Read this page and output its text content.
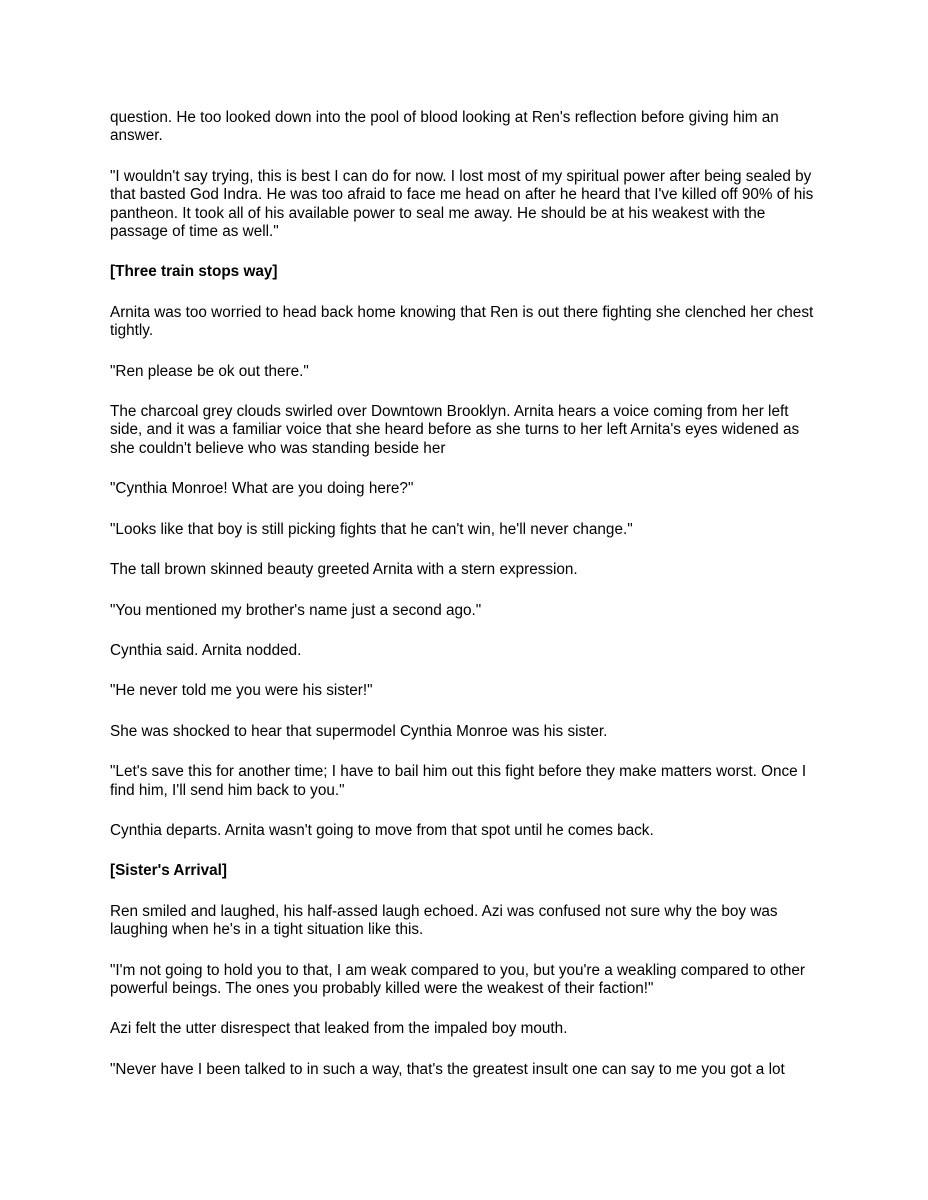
question. He too looked down into the pool of blood looking at Ren's reflection before giving him an answer.

"I wouldn't say trying, this is best I can do for now. I lost most of my spiritual power after being sealed by that basted God Indra. He was too afraid to face me head on after he heard that I've killed off 90% of his pantheon. It took all of his available power to seal me away. He should be at his weakest with the passage of time as well."

[Three train stops way]

Arnita was too worried to head back home knowing that Ren is out there fighting she clenched her chest tightly.

"Ren please be ok out there."

The charcoal grey clouds swirled over Downtown Brooklyn. Arnita hears a voice coming from her left side, and it was a familiar voice that she heard before as she turns to her left Arnita's eyes widened as she couldn't believe who was standing beside her

"Cynthia Monroe! What are you doing here?"

"Looks like that boy is still picking fights that he can't win, he'll never change."

The tall brown skinned beauty greeted Arnita with a stern expression.

"You mentioned my brother's name just a second ago."

Cynthia said. Arnita nodded.

"He never told me you were his sister!"

She was shocked to hear that supermodel Cynthia Monroe was his sister.

"Let's save this for another time; I have to bail him out this fight before they make matters worst. Once I find him, I'll send him back to you."

Cynthia departs. Arnita wasn't going to move from that spot until he comes back.

[Sister's Arrival]

Ren smiled and laughed, his half-assed laugh echoed. Azi was confused not sure why the boy was laughing when he's in a tight situation like this.

"I'm not going to hold you to that, I am weak compared to you, but you're a weakling compared to other powerful beings. The ones you probably killed were the weakest of their faction!"

Azi felt the utter disrespect that leaked from the impaled boy mouth.

"Never have I been talked to in such a way, that's the greatest insult one can say to me you got a lot
